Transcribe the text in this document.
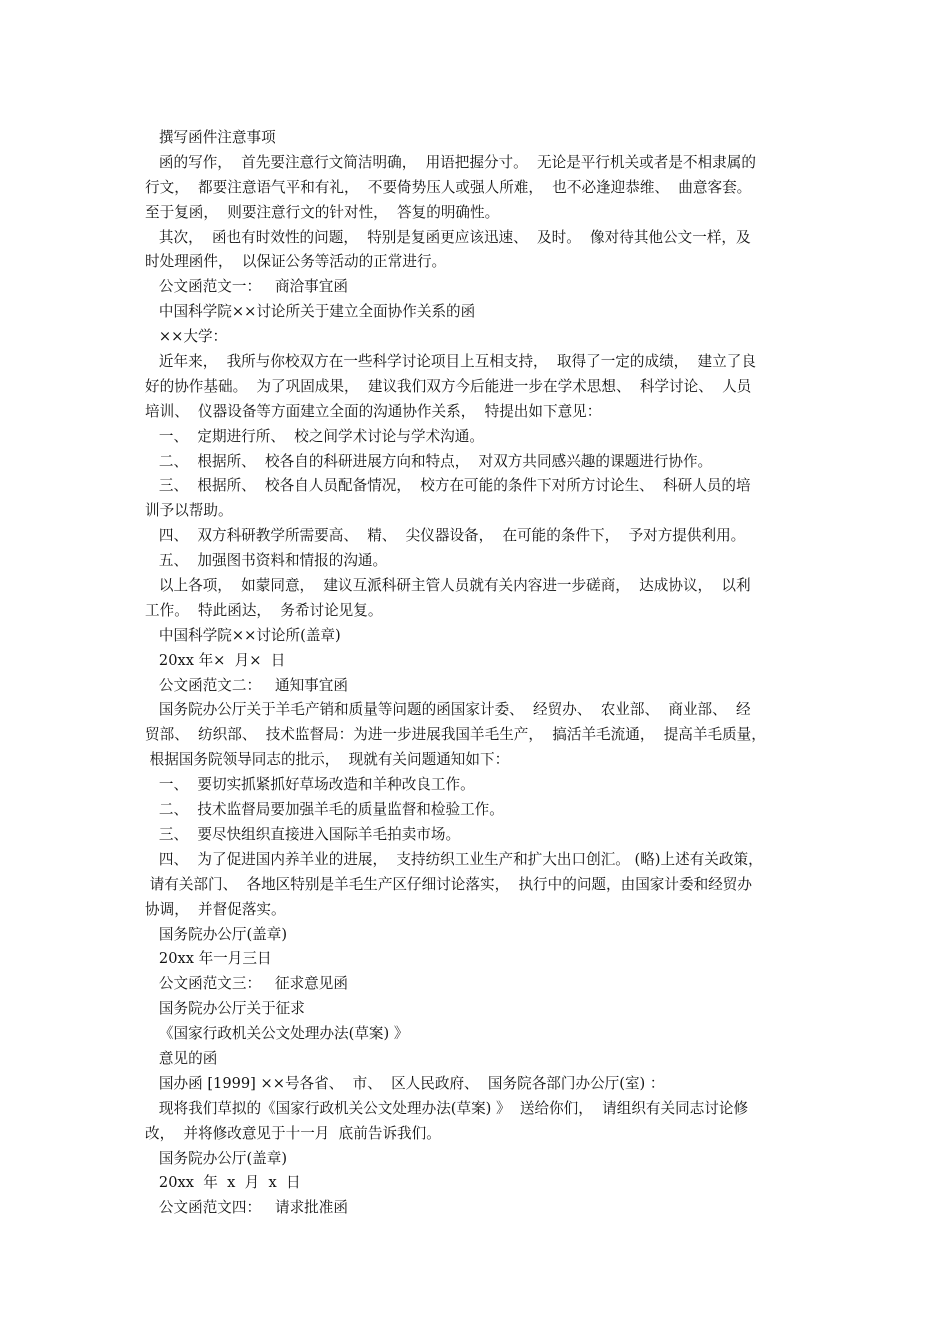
撰写函件注意事项
函的写作，  首先要注意行文简洁明确，  用语把握分寸。  无论是平行机关或者是不相隶属的
行文，  都要注意语气平和有礼，  不要倚势压人或强人所难，  也不必逢迎恭维、  曲意客套。
至于复函，  则要注意行文的针对性，  答复的明确性。
其次，  函也有时效性的问题，  特别是复函更应该迅速、  及时。  像对待其他公文一样，及
时处理函件，  以保证公务等活动的正常进行。
公文函范文一：   商洽事宜函
中国科学院××讨论所关于建立全面协作关系的函
××大学：
近年来，  我所与你校双方在一些科学讨论项目上互相支持，  取得了一定的成绩，  建立了良
好的协作基础。  为了巩固成果，  建议我们双方今后能进一步在学术思想、  科学讨论、  人员
培训、  仪器设备等方面建立全面的沟通协作关系，  特提出如下意见：
一、  定期进行所、  校之间学术讨论与学术沟通。
二、  根据所、  校各自的科研进展方向和特点，  对双方共同感兴趣的课题进行协作。
三、  根据所、  校各自人员配备情况，  校方在可能的条件下对所方讨论生、  科研人员的培
训予以帮助。
四、  双方科研教学所需要高、  精、  尖仪器设备，  在可能的条件下，  予对方提供利用。
五、  加强图书资料和情报的沟通。
以上各项，  如蒙同意，  建议互派科研主管人员就有关内容进一步磋商，  达成协议，  以利
工作。  特此函达，  务希讨论见复。
中国科学院××讨论所(盖章)
20xx 年×  月×  日
公文函范文二：   通知事宜函
国务院办公厅关于羊毛产销和质量等问题的函国家计委、  经贸办、  农业部、  商业部、  经
贸部、  纺织部、  技术监督局：为进一步进展我国羊毛生产，  搞活羊毛流通，  提高羊毛质量，
根据国务院领导同志的批示，  现就有关问题通知如下：
一、  要切实抓紧抓好草场改造和羊种改良工作。
二、  技术监督局要加强羊毛的质量监督和检验工作。
三、  要尽快组织直接进入国际羊毛拍卖市场。
四、  为了促进国内养羊业的进展，  支持纺织工业生产和扩大出口创汇。 (略)上述有关政策，
请有关部门、  各地区特别是羊毛生产区仔细讨论落实，  执行中的问题，由国家计委和经贸办
协调，  并督促落实。
国务院办公厅(盖章)
20xx 年一月三日
公文函范文三：   征求意见函
国务院办公厅关于征求
《国家行政机关公文处理办法(草案) 》
意见的函
国办函 [1999] ××号各省、  市、  区人民政府、  国务院各部门办公厅(室) ：
现将我们草拟的《国家行政机关公文处理办法(草案) 》  送给你们，  请组织有关同志讨论修
改，  并将修改意见于十一月  底前告诉我们。
国务院办公厅(盖章)
20xx  年  x  月  x  日
公文函范文四：   请求批准函
